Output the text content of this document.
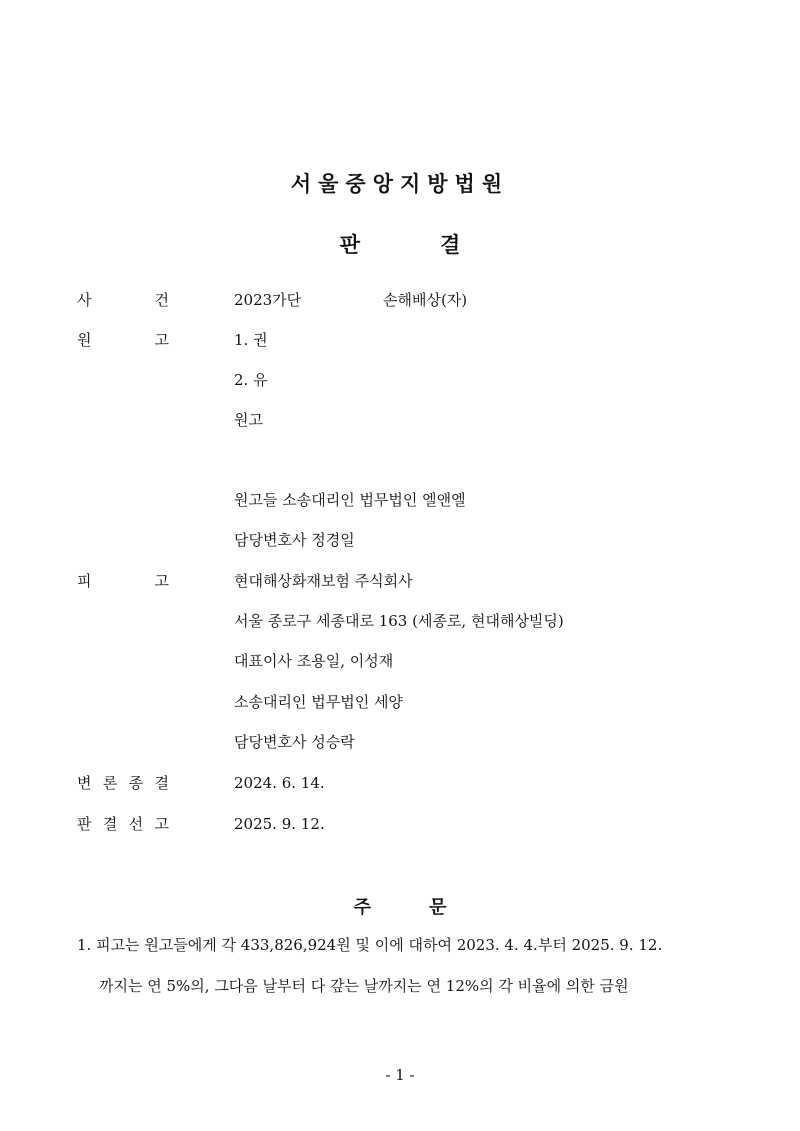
서울중앙지방법원
판	결
사	건	2023가단	손해배상(자)
원	고	1. 권
2. 유
원고
원고들 소송대리인 법무법인 엘앤엘
담당변호사 정경일
피	고	현대해상화재보험 주식회사
서울 종로구 세종대로 163 (세종로, 현대해상빌딩)
대표이사 조용일, 이성재
소송대리인 법무법인 세양
담당변호사 성승락
변 론 종 결	2024. 6. 14.
판 결 선 고	2025. 9. 12.
주	문
1. 피고는 원고들에게 각 433,826,924원 및 이에 대하여 2023. 4. 4.부터 2025. 9. 12.
까지는 연 5%의, 그다음 날부터 다 갚는 날까지는 연 12%의 각 비율에 의한 금원
- 1 -
